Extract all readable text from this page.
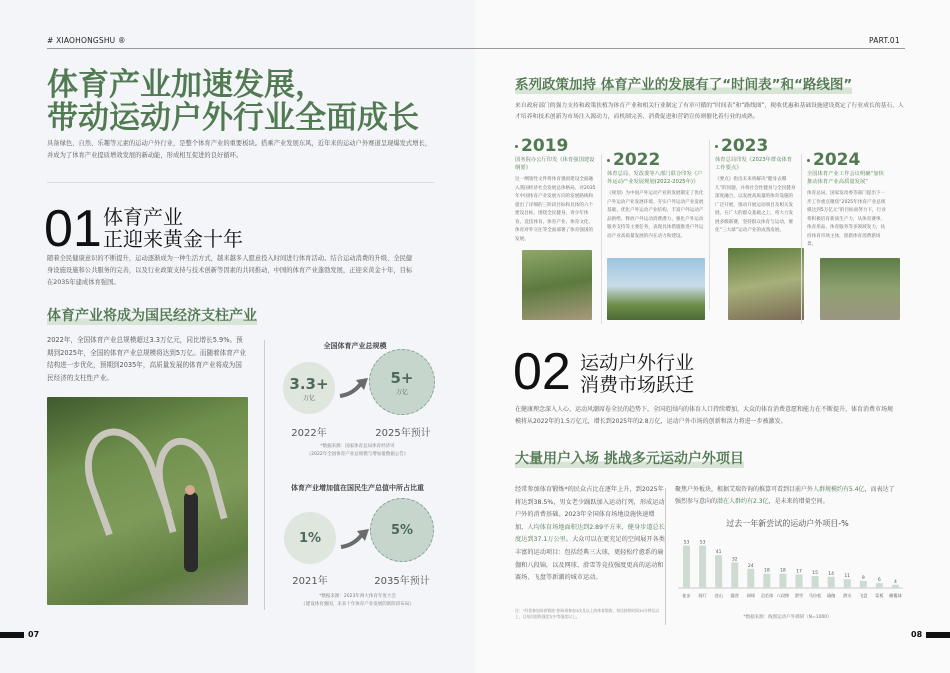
# XIAOHONGSHU ®
体育产业加速发展，
带动运动户外行业全面成长
具备绿色、自然、乐趣等元素的运动户外行业，是整个体育产业的重要板块。搭乘产业发展东风，近年来的运动户外赛道呈现爆发式增长，并成为了体育产业提质增效发展的新动能，形成相互促进的良好循环。
01 体育产业
正迎来黄金十年
随着全民健康意识的不断提升，运动逐渐成为一种生活方式，越来越多人愿意投入时间进行体育活动。结合运动消费的升级、全民健身设施设施和公共服务的完善，以及行业政策支持与技术创新等因素的共同推动，中国的体育产业蓬勃发展，正迎来黄金十年，目标在2035年建成体育强国。
体育产业将成为国民经济支柱产业
2022年，全国体育产业总规模超过3.3万亿元，同比增长5.9%。预期到2025年，全国的体育产业总规模将达到5万亿。而随着体育产业结构进一步优化，预期到2035年，高质量发展的体育产业将成为国民经济的支柱性产业。
全国体育产业总规模
3.3+
万亿
5+
万亿
2022年	2025年预计
*数据来源：国家体育总局体育经济司
《2022年全国体育产业总规模与增加值数据公告》
体育产业增加值在国民生产总值中所占比重
1%
5%
2021年	2035年预计
*数据来源：2023年两大体育年度大会
《建设体育强国，未来十年体育产业发展的新阶段布局》
07
PART.01
系列政策加持 体育产业的发展有了“时间表”和“路线图”
来自政府部门的强力支持和政策扶植为体育产业和相关行业制定了有章可循的“时间表”和“路线图”，税收优惠和基础设施建设奠定了行业成长的基石，人才培养和技术创新为市场注入源动力，而机制完善、消费促进和营销宣传则催化着行业的成熟。
2019
国务院办公厅印发《体育强国建设纲要》
这一纲领性文件将体育强国建设全面融入我国经济社会发展总体格局，对2035年中国体育产业发展方向的发展路线和提出了详细的三阶段目标和具体的六个建设目标，围绕全民健身、青少年体育、竞技体育、体育产业、体育文化、体育对外交往等全面部署了体育强国的发展。
2022
体育总局、发改委等八部门联合印发《户外运动产业发展规划(2022-2025年)》
《规划》为中国户外运动产业的发展制定了优化户外运动产业发展环境、夯实户外运动产业发展基础、优化户外运动产业结构、丰富户外运动产品供给、释放户外运动消费潜力、强化户外运动服务支持等主要任务，表现具体措施推进户外运动产业高质量发展的内在动力和建设。
2023
体育总局印发《2023年群众体育工作要点》
《要点》指出未来将解决“健身去哪儿”的问题，并将社会性健身与全民健身深度融合，以发展高质量的体育设施的广泛开展，推动开展运动项目及相关发展。在广大的群众基础之上，将大力发展多级联赛，坚持群众体育与运动，催化“三大球”运动产业的成熟发展。
2024
全国体育产业工作会议明确“加快推动体育产业高质量发展”
体育总局、国家发改委等部门提出下一步工作重点聚焦“2025年体育产业总规模达到5万亿元”的目标而努力下，行业将积极培育新质生产力，从体育赛事、体育用品、体育服务等多领域发力，扶持体育市场主体，创新体育消费新场景。
02 运动户外行业
消费市场跃迁
在健康理念深入人心、运动风潮席卷全民的趋势下，全国范围内的体育人口持续增加，大众的体育消费意愿和能力在不断提升，体育消费市场规模将从2022年的1.5万亿元，增长到2025年的2.8万亿，运动户外市场的创新和活力将进一步被激发。
大量用户入场 挑战多元运动户外项目
经常参加体育锻炼*的民众占比在逐年上升，到2025年将达到38.5%，男女老少踊跃加入运动行列，形成运动户外的消费基础。2023年全国体育场地设施快速增加，人均体育场地面积达到2.89平方米，健身步道总长度达到37.1万公里。大众可以在更充足的空间展开各类丰富的运动项目：包括经典三大球，更轻松疗愈系的瑜伽和八段锦，以及网球、滑雪等竞技强度更高的运动和赛场、飞盘等新潮的城市运动。
注：“经常参加体育锻炼”指每周参加3次及以上的体育锻炼，每次持续时间30分钟及以上，且每次锻炼强度在中等强度以上。
聚焦户外板块，根据艾瑞咨询的推算可看到目前户外人群规模约有5.4亿，而表达了强烈参与意向的潜在人群约有2.3亿，是未来的增量空间。
过去一年新尝试的运动户外项目-%
53
徒步
53
骑行
41
登山
32
露营
24
网球
18
羽毛球
18
八段锦
17
滑雪
15
马拉松
14
瑜伽
11
潜水
9
飞盘
6
桨板
4
橄榄球
*数据来源：线图运动户外调研（N=1000）
08
